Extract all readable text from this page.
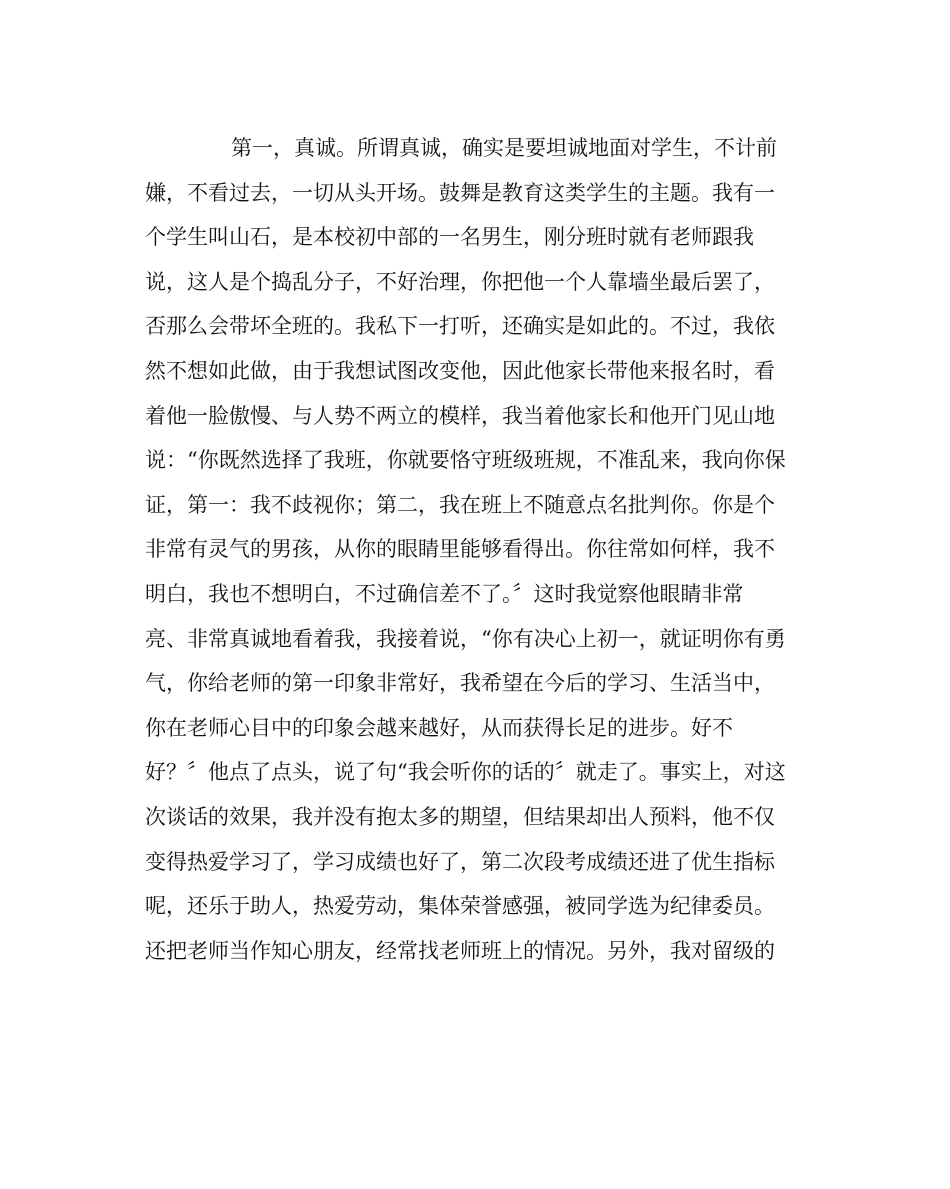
第一，真诚。所谓真诚，确实是要坦诚地面对学生，不计前
嫌，不看过去，一切从头开场。鼓舞是教育这类学生的主题。我有一
个学生叫山石，是本校初中部的一名男生，刚分班时就有老师跟我
说，这人是个捣乱分子，不好治理，你把他一个人靠墙坐最后罢了，
否那么会带坏全班的。我私下一打听，还确实是如此的。不过，我依
然不想如此做，由于我想试图改变他，因此他家长带他来报名时，看
着他一脸傲慢、与人势不两立的模样，我当着他家长和他开门见山地
说：“你既然选择了我班，你就要恪守班级班规，不准乱来，我向你保
证，第一：我不歧视你；第二，我在班上不随意点名批判你。你是个
非常有灵气的男孩，从你的眼睛里能够看得出。你往常如何样，我不
明白，我也不想明白，不过确信差不了。〞这时我觉察他眼睛非常
亮、非常真诚地看着我，我接着说，“你有决心上初一，就证明你有勇
气，你给老师的第一印象非常好，我希望在今后的学习、生活当中，
你在老师心目中的印象会越来越好，从而获得长足的进步。好不
好？〞他点了点头，说了句“我会听你的话的〞就走了。事实上，对这
次谈话的效果，我并没有抱太多的期望，但结果却出人预料，他不仅
变得热爱学习了，学习成绩也好了，第二次段考成绩还进了优生指标
呢，还乐于助人，热爱劳动，集体荣誉感强，被同学选为纪律委员。
还把老师当作知心朋友，经常找老师班上的情况。另外，我对留级的
